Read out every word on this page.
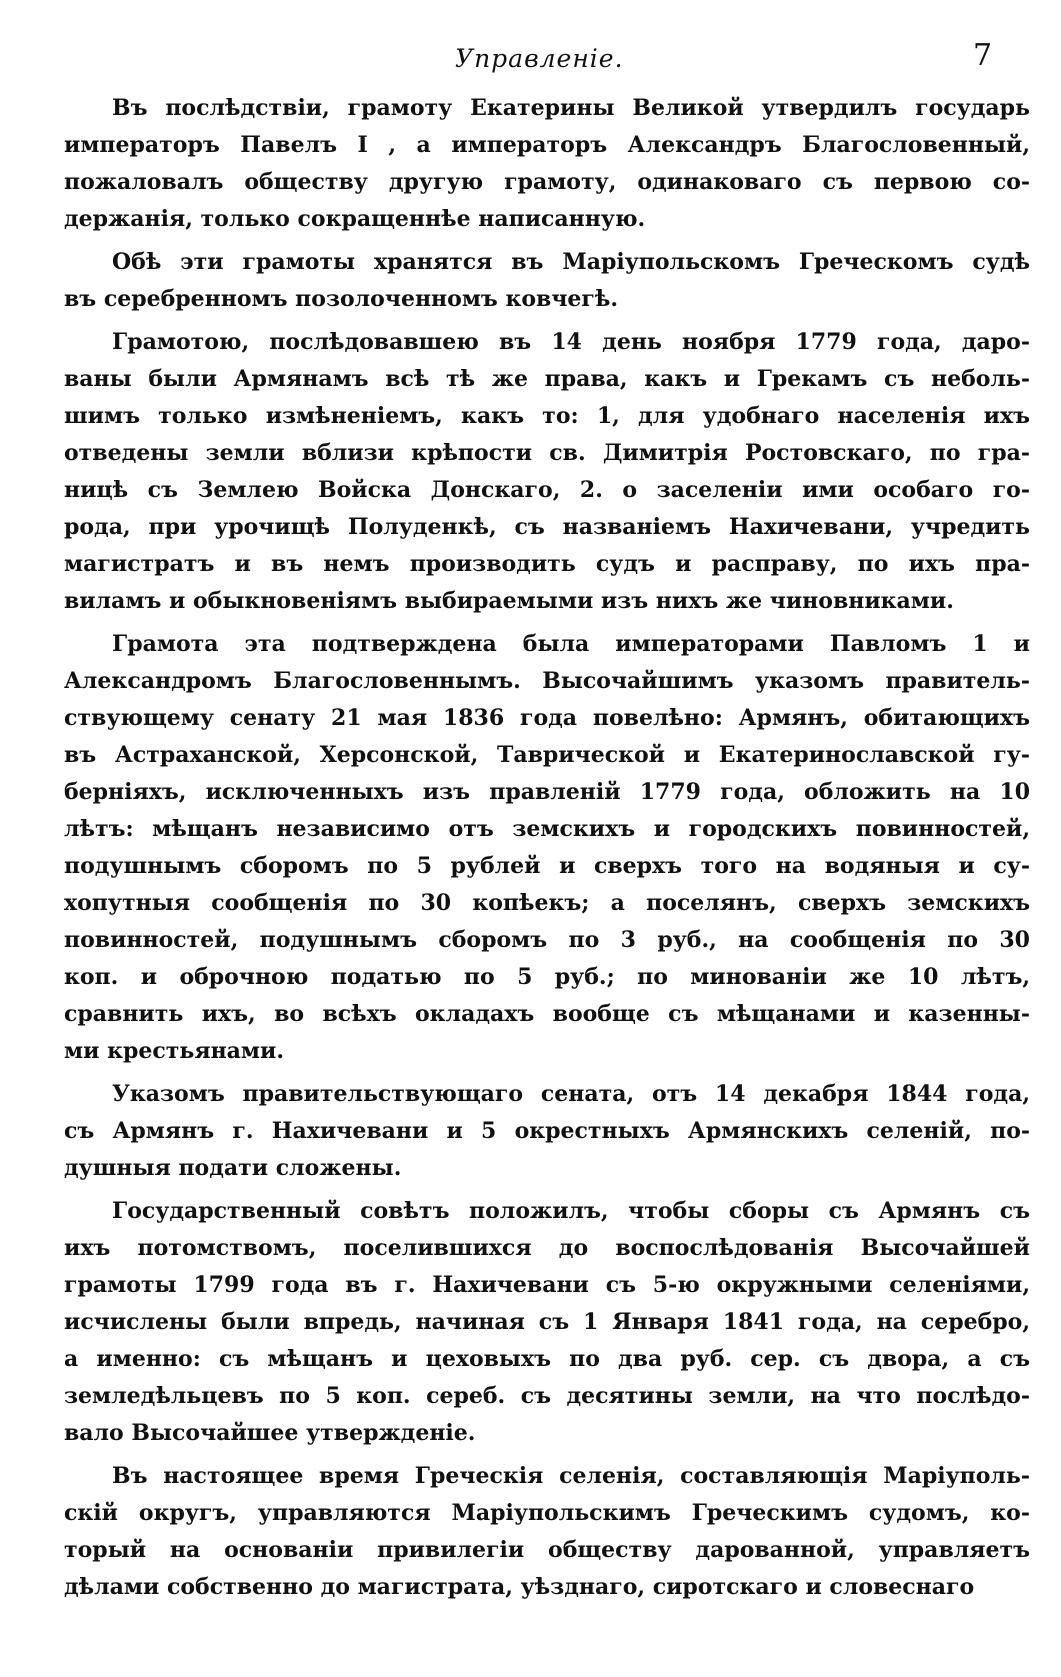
Управленіе.	7
Въ послѣдствіи, грамоту Екатерины Великой утвердилъ государь
императоръ Павелъ I , а императоръ Александръ Благословенный,
пожаловалъ обществу другую грамоту, одинаковаго съ первою со-
держанія, только сокращеннѣе написанную.
Обѣ эти грамоты хранятся въ Маріупольскомъ Греческомъ судѣ
въ серебренномъ позолоченномъ ковчегѣ.
Грамотою, послѣдовавшею въ 14 день ноября 1779 года, даро-
ваны были Армянамъ всѣ тѣ же права, какъ и Грекамъ съ неболь-
шимъ только измѣненіемъ, какъ то: 1, для удобнаго населенія ихъ
отведены земли вблизи крѣпости св. Димитрія Ростовскаго, по гра-
ницѣ съ Землею Войска Донскаго, 2. о заселеніи ими особаго го-
рода, при урочищѣ Полуденкѣ, съ названіемъ Нахичевани, учредить
магистратъ и въ немъ производить судъ и расправу, по ихъ пра-
виламъ и обыкновеніямъ выбираемыми изъ нихъ же чиновниками.
Грамота эта подтверждена была императорами Павломъ 1 и
Александромъ Благословеннымъ. Высочайшимъ указомъ правитель-
ствующему сенату 21 мая 1836 года повелѣно: Армянъ, обитающихъ
въ Астраханской, Херсонской, Таврической и Екатеринославской гу-
берніяхъ, исключенныхъ изъ правленій 1779 года, обложить на 10
лѣтъ: мѣщанъ независимо отъ земскихъ и городскихъ повинностей,
подушнымъ сборомъ по 5 рублей и сверхъ того на водяныя и су-
хопутныя сообщенія по 30 копѣекъ; а поселянъ, сверхъ земскихъ
повинностей, подушнымъ сборомъ по 3 руб., на сообщенія по 30
коп. и оброчною податью по 5 руб.; по минованіи же 10 лѣтъ,
сравнить ихъ, во всѣхъ окладахъ вообще съ мѣщанами и казенны-
ми крестьянами.
Указомъ правительствующаго сената, отъ 14 декабря 1844 года,
съ Армянъ г. Нахичевани и 5 окрестныхъ Армянскихъ селеній, по-
душныя подати сложены.
Государственный совѣтъ положилъ, чтобы сборы съ Армянъ съ
ихъ потомствомъ, поселившихся до воспослѣдованія Высочайшей
грамоты 1799 года въ г. Нахичевани съ 5-ю окружными селеніями,
исчислены были впредь, начиная съ 1 Января 1841 года, на серебро,
а именно: съ мѣщанъ и цеховыхъ по два руб. сер. съ двора, а съ
земледѣльцевъ по 5 коп. сереб. съ десятины земли, на что послѣдо-
вало Высочайшее утвержденіе.
Въ настоящее время Греческія селенія, составляющія Маріуполь-
скій округъ, управляются Маріупольскимъ Греческимъ судомъ, ко-
торый на основаніи привилегіи обществу дарованной, управляетъ
дѣлами собственно до магистрата, уѣзднаго, сиротскаго и словеснаго
